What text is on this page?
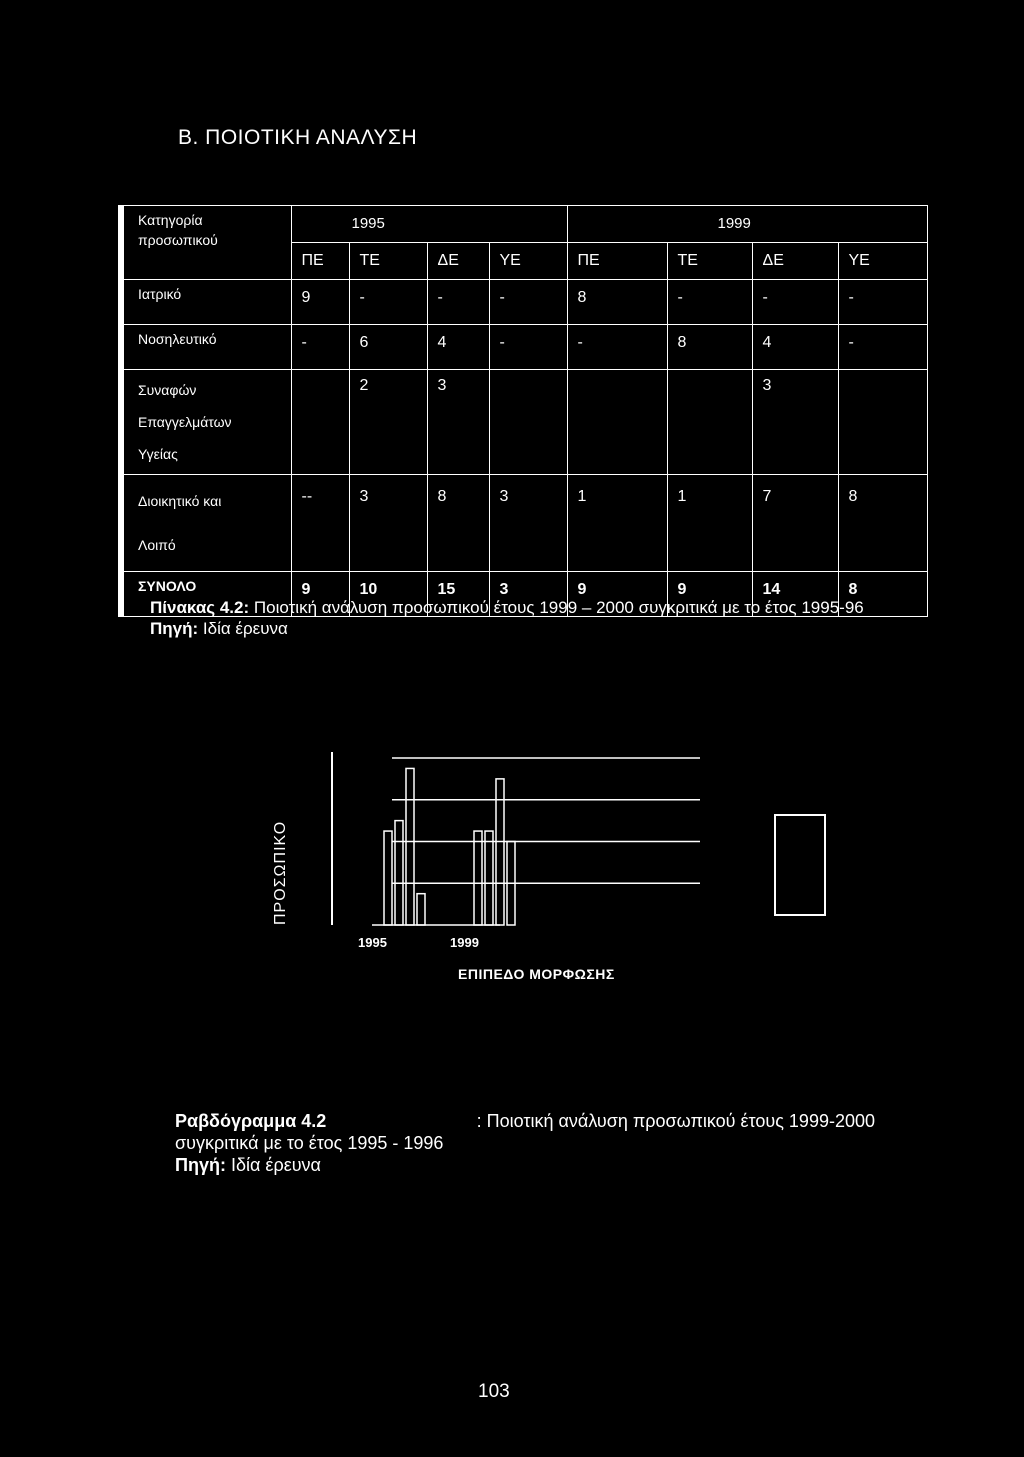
Β. ΠΟΙΟΤΙΚΗ ΑΝΑΛΥΣΗ
Κατηγορία
προσωπικού	1995				1999			
	ΠΕ	ΤΕ	ΔΕ	ΥΕ	ΠΕ	ΤΕ	ΔΕ	ΥΕ
Ιατρικό	9	-	-	-	8	-	-	-
Νοσηλευτικό	-	6	4	-	-	8	4	-

Συναφών
Επαγγελμάτων
Υγείας		2	3				3	

Διοικητικό και
Λοιπό	--	3	8	3	1	1	7	8
ΣΥΝΟΛΟ	9	10	15	3	9	9	14	8
Πίνακας 4.2: Ποιοτική ανάλυση προσωπικού έτους 1999 – 2000 συγκριτικά με το έτος 1995-96
Πηγή: Ιδία έρευνα
ΠΡΟΣΩΠΙΚΟ
1995	1999
ΕΠΙΠΕΔΟ ΜΟΡΦΩΣΗΣ
Ραβδόγραμμα 4.2	: Ποιοτική ανάλυση προσωπικού έτους 1999-2000
συγκριτικά με το έτος 1995 - 1996
Πηγή: Ιδία έρευνα
103
